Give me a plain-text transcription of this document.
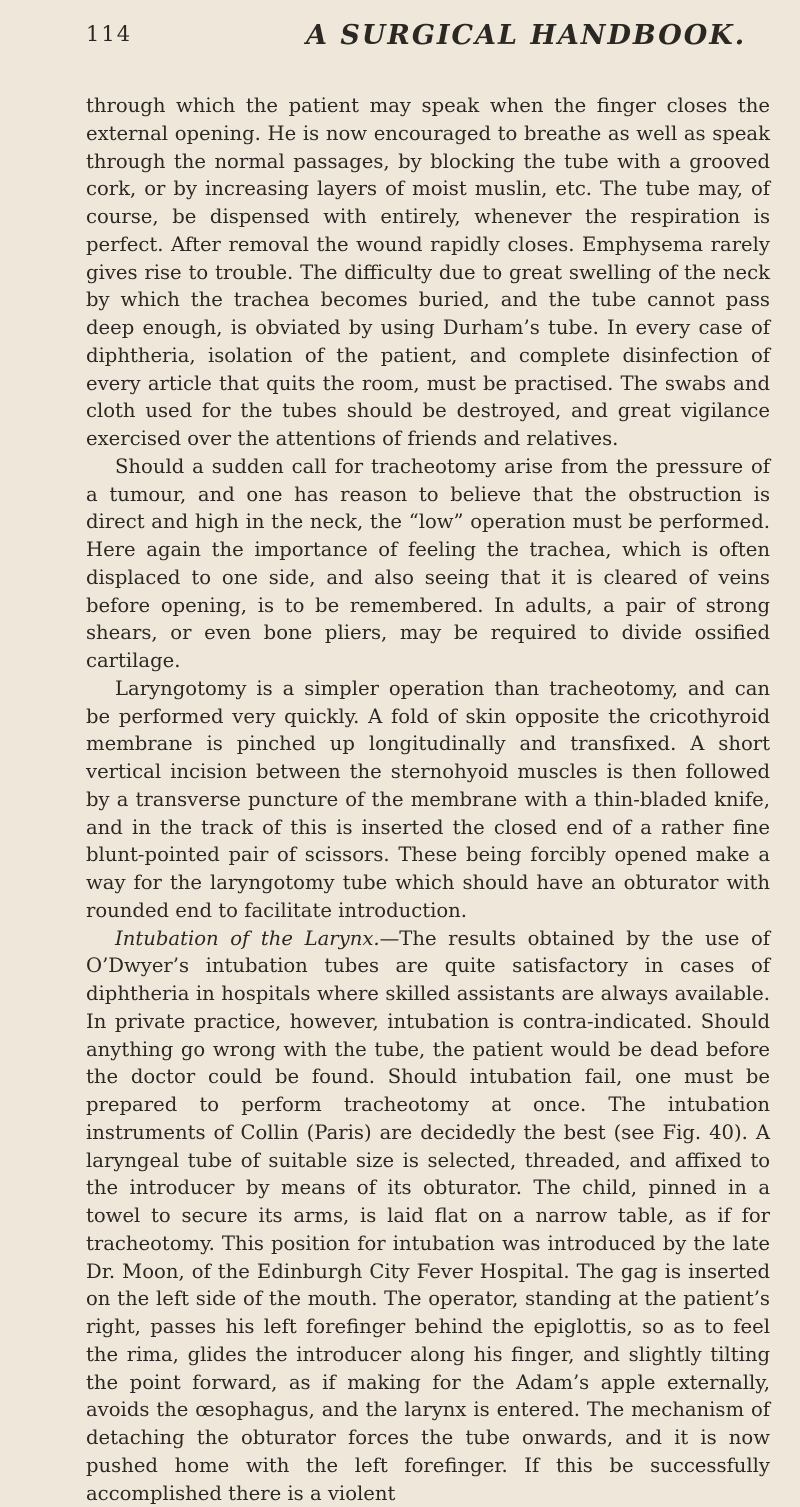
114	A SURGICAL HANDBOOK.

through which the patient may speak when the finger closes the external opening. He is now encouraged to breathe as well as speak through the normal passages, by blocking the tube with a grooved cork, or by increasing layers of moist muslin, etc. The tube may, of course, be dispensed with entirely, whenever the respiration is perfect. After removal the wound rapidly closes. Emphysema rarely gives rise to trouble. The difficulty due to great swelling of the neck by which the trachea becomes buried, and the tube cannot pass deep enough, is obviated by using Durham’s tube. In every case of diphtheria, isolation of the patient, and complete disinfection of every article that quits the room, must be practised. The swabs and cloth used for the tubes should be destroyed, and great vigilance exercised over the attentions of friends and relatives.

Should a sudden call for tracheotomy arise from the pressure of a tumour, and one has reason to believe that the obstruction is direct and high in the neck, the “low” operation must be performed. Here again the importance of feeling the trachea, which is often displaced to one side, and also seeing that it is cleared of veins before opening, is to be remembered. In adults, a pair of strong shears, or even bone pliers, may be required to divide ossified cartilage.

Laryngotomy is a simpler operation than tracheotomy, and can be performed very quickly. A fold of skin opposite the cricothyroid membrane is pinched up longitudinally and transfixed. A short vertical incision between the sternohyoid muscles is then followed by a transverse puncture of the membrane with a thin-bladed knife, and in the track of this is inserted the closed end of a rather fine blunt-pointed pair of scissors. These being forcibly opened make a way for the laryngotomy tube which should have an obturator with rounded end to facilitate introduction.

Intubation of the Larynx.—The results obtained by the use of O’Dwyer’s intubation tubes are quite satisfactory in cases of diphtheria in hospitals where skilled assistants are always available. In private practice, however, intubation is contra-indicated. Should anything go wrong with the tube, the patient would be dead before the doctor could be found. Should intubation fail, one must be prepared to perform tracheotomy at once. The intubation instruments of Collin (Paris) are decidedly the best (see Fig. 40). A laryngeal tube of suitable size is selected, threaded, and affixed to the introducer by means of its obturator. The child, pinned in a towel to secure its arms, is laid flat on a narrow table, as if for tracheotomy. This position for intubation was introduced by the late Dr. Moon, of the Edinburgh City Fever Hospital. The gag is inserted on the left side of the mouth. The operator, standing at the patient’s right, passes his left forefinger behind the epiglottis, so as to feel the rima, glides the introducer along his finger, and slightly tilting the point forward, as if making for the Adam’s apple externally, avoids the œsophagus, and the larynx is entered. The mechanism of detaching the obturator forces the tube onwards, and it is now pushed home with the left forefinger. If this be successfully accomplished there is a violent
